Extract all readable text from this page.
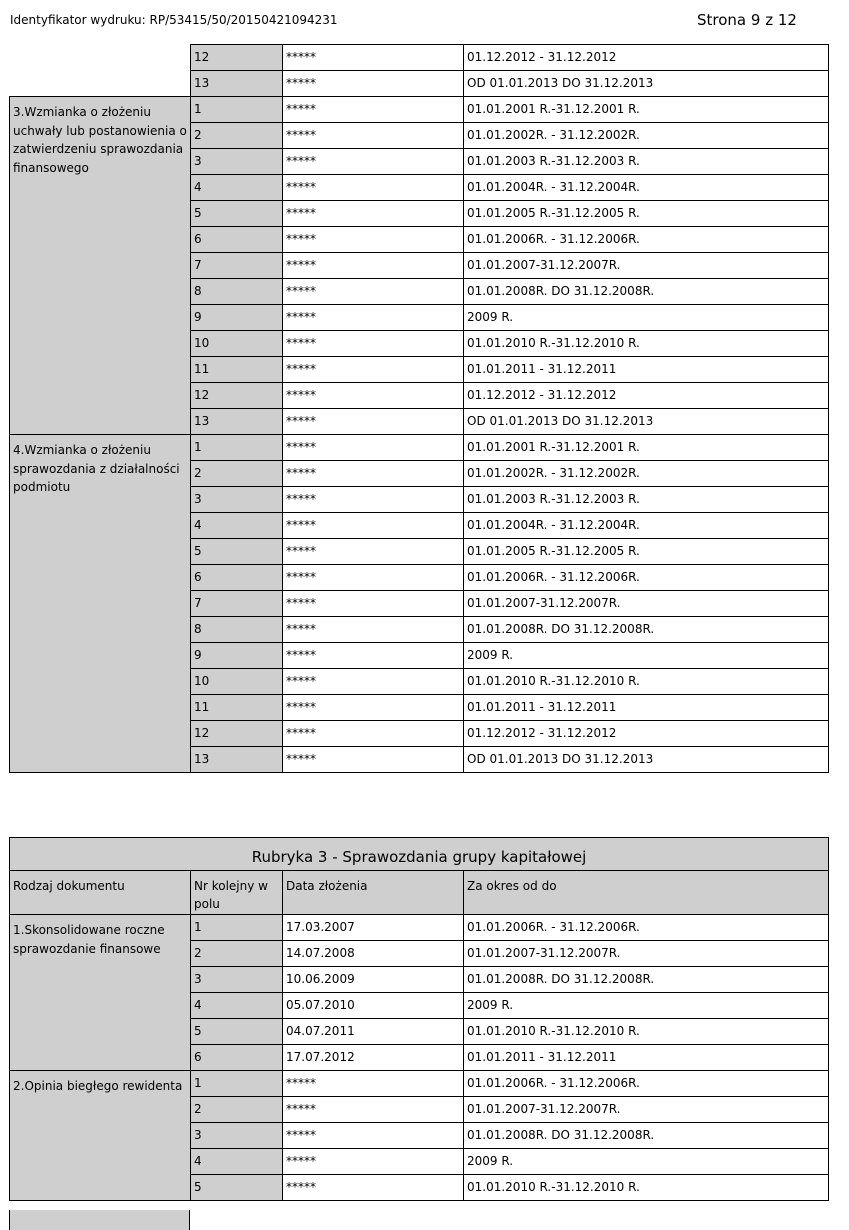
Identyfikator wydruku: RP/53415/50/20150421094231	Strona 9 z 12
	12	*****	01.12.2012 - 31.12.2012
	13	*****	OD 01.01.2013 DO 31.12.2013
3.Wzmianka o złożeniu uchwały lub postanowienia o zatwierdzeniu sprawozdania finansowego	1	*****	01.01.2001 R.-31.12.2001 R.
	2	*****	01.01.2002R. - 31.12.2002R.
	3	*****	01.01.2003 R.-31.12.2003 R.
	4	*****	01.01.2004R. - 31.12.2004R.
	5	*****	01.01.2005 R.-31.12.2005 R.
	6	*****	01.01.2006R. - 31.12.2006R.
	7	*****	01.01.2007-31.12.2007R.
	8	*****	01.01.2008R. DO 31.12.2008R.
	9	*****	2009 R.
	10	*****	01.01.2010 R.-31.12.2010 R.
	11	*****	01.01.2011 - 31.12.2011
	12	*****	01.12.2012 - 31.12.2012
	13	*****	OD 01.01.2013 DO 31.12.2013
4.Wzmianka o złożeniu sprawozdania z działalności podmiotu	1	*****	01.01.2001 R.-31.12.2001 R.
	2	*****	01.01.2002R. - 31.12.2002R.
	3	*****	01.01.2003 R.-31.12.2003 R.
	4	*****	01.01.2004R. - 31.12.2004R.
	5	*****	01.01.2005 R.-31.12.2005 R.
	6	*****	01.01.2006R. - 31.12.2006R.
	7	*****	01.01.2007-31.12.2007R.
	8	*****	01.01.2008R. DO 31.12.2008R.
	9	*****	2009 R.
	10	*****	01.01.2010 R.-31.12.2010 R.
	11	*****	01.01.2011 - 31.12.2011
	12	*****	01.12.2012 - 31.12.2012
	13	*****	OD 01.01.2013 DO 31.12.2013
Rubryka 3 - Sprawozdania grupy kapitałowej			
Rodzaj dokumentu	Nr kolejny w polu	Data złożenia	Za okres od do
1.Skonsolidowane roczne sprawozdanie finansowe	1	17.03.2007	01.01.2006R. - 31.12.2006R.
	2	14.07.2008	01.01.2007-31.12.2007R.
	3	10.06.2009	01.01.2008R. DO 31.12.2008R.
	4	05.07.2010	2009 R.
	5	04.07.2011	01.01.2010 R.-31.12.2010 R.
	6	17.07.2012	01.01.2011 - 31.12.2011
2.Opinia biegłego rewidenta	1	*****	01.01.2006R. - 31.12.2006R.
	2	*****	01.01.2007-31.12.2007R.
	3	*****	01.01.2008R. DO 31.12.2008R.
	4	*****	2009 R.
	5	*****	01.01.2010 R.-31.12.2010 R.
